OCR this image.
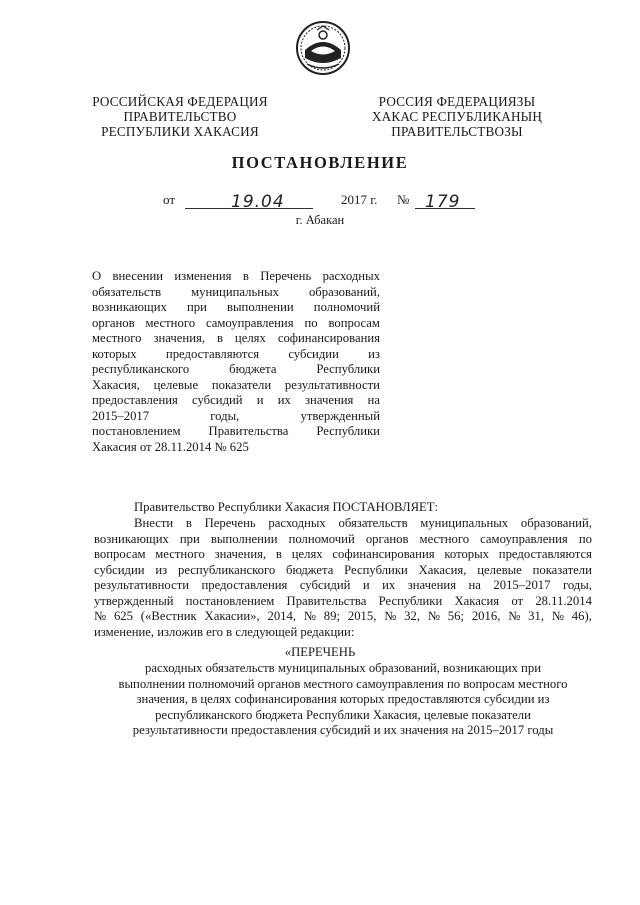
РОССИЙСКАЯ ФЕДЕРАЦИЯ
ПРАВИТЕЛЬСТВО
РЕСПУБЛИКИ ХАКАСИЯ
РОССИЯ ФЕДЕРАЦИЯЗЫ
ХАКАС РЕСПУБЛИКАНЫҢ
ПРАВИТЕЛЬСТВОЗЫ
ПОСТАНОВЛЕНИЕ
от	19.04	2017 г. № 179
г. Абакан
О внесении изменения в Перечень расходных
обязательств муниципальных образований,
возникающих при выполнении полномочий
органов местного самоуправления по вопросам
местного значения, в целях софинансирования
которых предоставляются субсидии из
республиканского	бюджета	Республики
Хакасия, целевые показатели результативности
предоставления субсидий и их значения на
2015–2017	годы,	утвержденный
постановлением Правительства Республики
Хакасия от 28.11.2014 № 625
Правительство Республики Хакасия ПОСТАНОВЛЯЕТ:
Внести в Перечень расходных обязательств муниципальных образований,
возникающих при выполнении полномочий органов местного самоуправления по
вопросам местного значения, в целях софинансирования которых предоставляются
субсидии из республиканского бюджета Республики Хакасия, целевые показатели
результативности предоставления субсидий и их значения на 2015–2017 годы,
утвержденный постановлением Правительства Республики Хакасия от 28.11.2014
№ 625 («Вестник Хакасии», 2014, № 89; 2015, № 32, № 56; 2016, № 31, № 46),
изменение, изложив его в следующей редакции:
«ПЕРЕЧЕНЬ
расходных обязательств муниципальных образований, возникающих при
выполнении полномочий органов местного самоуправления по вопросам местного
значения, в целях софинансирования которых предоставляются субсидии из
республиканского бюджета Республики Хакасия, целевые показатели
результативности предоставления субсидий и их значения на 2015–2017 годы
